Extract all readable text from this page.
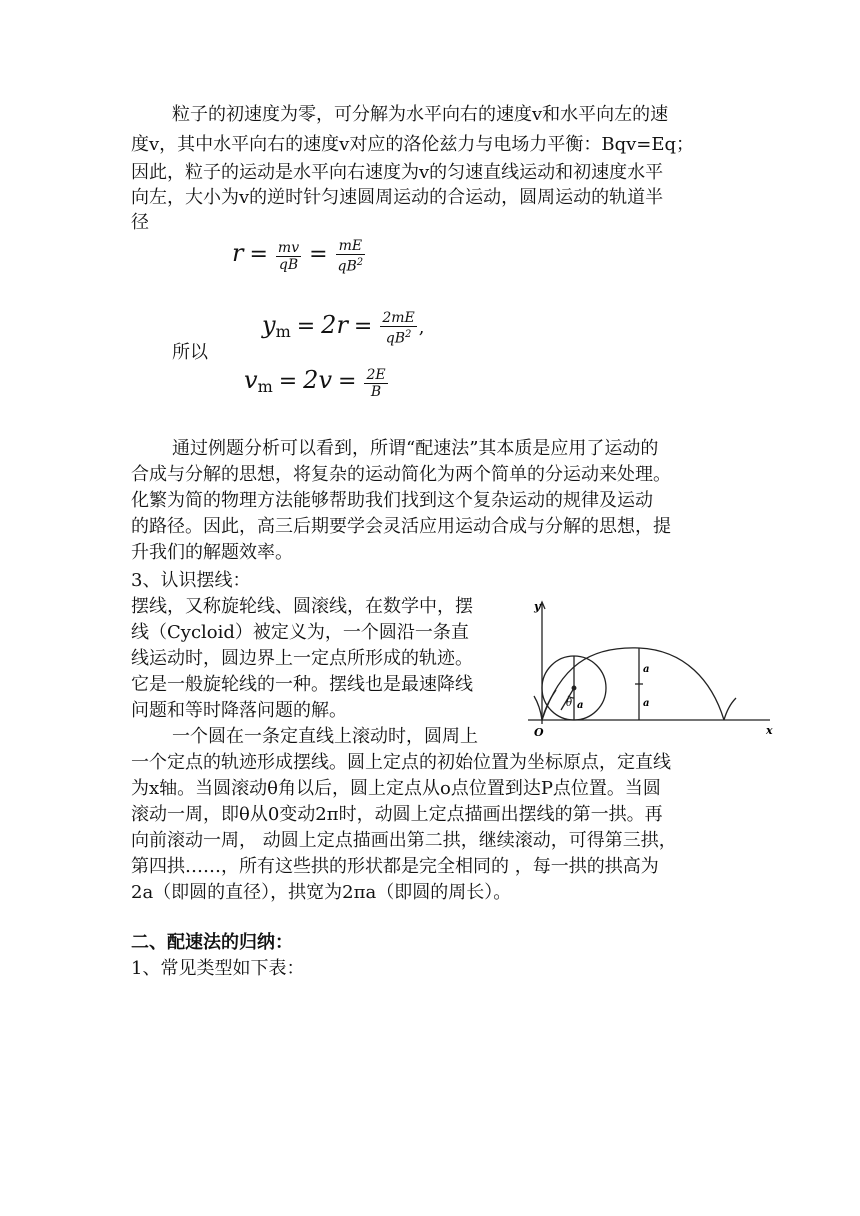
粒子的初速度为零，可分解为水平向右的速度v和水平向左的速
度v，其中水平向右的速度v对应的洛伦兹力与电场力平衡：Bqv=Eq；
因此，粒子的运动是水平向右速度为v的匀速直线运动和初速度水平
向左，大小为v的逆时针匀速圆周运动的合运动，圆周运动的轨道半
径
$r = \frac{mv}{qB} = \frac{mE}{qB^2}$
所以
$y_m = 2r = \frac{2mE}{qB^2}$ ,
$v_m = 2v = \frac{2E}{B}$
通过例题分析可以看到，所谓“配速法”其本质是应用了运动的
合成与分解的思想，将复杂的运动简化为两个简单的分运动来处理。
化繁为简的物理方法能够帮助我们找到这个复杂运动的规律及运动
的路径。因此，高三后期要学会灵活应用运动合成与分解的思想，提
升我们的解题效率。
3、认识摆线：
摆线，又称旋轮线、圆滚线，在数学中，摆
线（Cycloid）被定义为，一个圆沿一条直
线运动时，圆边界上一定点所形成的轨迹。
它是一般旋轮线的一种。摆线也是最速降线
问题和等时降落问题的解。
一个圆在一条定直线上滚动时，圆周上
一个定点的轨迹形成摆线。圆上定点的初始位置为坐标原点，定直线
为x轴。当圆滚动θ角以后，圆上定点从o点位置到达P点位置。当圆
滚动一周，即θ从0变动2π时，动圆上定点描画出摆线的第一拱。再
向前滚动一周， 动圆上定点描画出第二拱，继续滚动，可得第三拱，
第四拱……，所有这些拱的形状都是完全相同的 ，每一拱的拱高为
2a（即圆的直径），拱宽为2πa（即圆的周长）。
y
x
O
θ a
a
a
二、配速法的归纳：
1、常见类型如下表：
